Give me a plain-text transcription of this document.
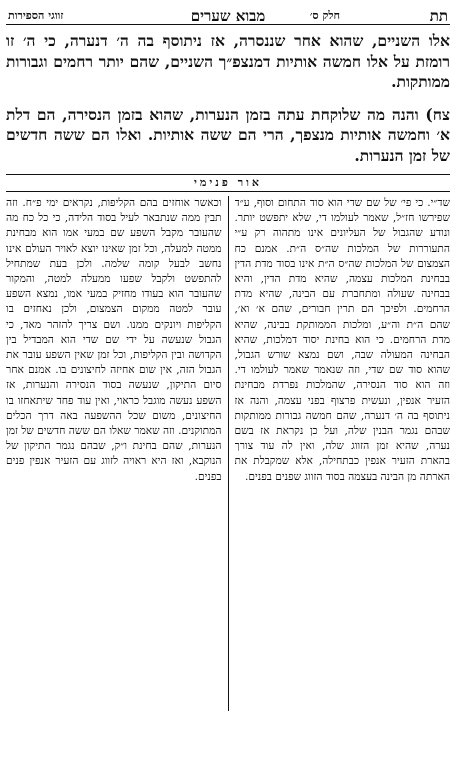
תת
חלק ס׳
מבוא שערים
זווגי הספירות

אלו השניים, שהוא אחר שננסרה, אז ניתוסף בה ה׳ דנערה, כי ה׳ זו רומזת על אלו חמשה אותיות דמנצפ״ך השניים, שהם יותר רחמים וגבורות ממותקות.

צח) והנה מה שלוקחת עתה בזמן הנערות, שהוא בזמן הנסירה, הם דלת א׳ וחמשה אותיות מנצפך, הרי הם ששה אותיות. ואלו הם ששה חדשים של זמן הנערות.

אור פנימי

שד״י. כי פי׳ של שם שדי הוא סוד התחום וסוף, ע״ד שפירשו חז״ל, שאמר לעולמו די, שלא יתפשט יותר. ונודע שהגבול של העליונים אינו מתהוה רק ע״י התעוררות של המלכות שה״ס ה״ת. אמנם כח הצמצום של המלכות שה״ס ה״ת אינו בסוד מדת הדין בבחינת המלכות עצמה, שהיא מדת הדין, והיא בבחינה שעולה ומתחברת עם הבינה, שהיא מדת הרחמים. ולפיכך הם תרין חבורים, שהם א׳ וא׳, שהם ה״ת וה״ע, ומלכות הממותקת בבינה, שהיא מדת הרחמים. כי הוא בחינת יסוד דמלכות, שהיא הבחינה המעולה שבה, ושם נמצא שורש הגבול, שהוא סוד שם שדי, וזה שנאמר שאמר לעולמו די. וזה הוא סוד הנסירה, שהמלכות נפרדת מבחינת הזעיר אנפין, ונעשית פרצוף בפני עצמה, והנה אז ניתוסף בה ה׳ דנערה, שהם חמשה גבורות ממותקות שבהם נגמר הבנין שלה, ועל כן נקראת אז בשם נערה, שהיא זמן הזווג שלה, ואין לה עוד צורך בהארת הזעיר אנפין כבתחילה, אלא שמקבלת את הארתה מן הבינה בעצמה בסוד הזווג שפנים בפנים.

וכאשר אוחזים בהם הקליפות, נקראים ימי פ״ח. וזה תבין ממה שנתבאר לעיל בסוד הלידה, כי כל כח מה שהעובר מקבל השפע שם במעי אמו הוא מבחינת ממטה למעלה, וכל זמן שאינו יוצא לאויר העולם אינו נחשב לבעל קומה שלמה. ולכן בעת שמתחיל להתפשט ולקבל שפעו ממעלה למטה, והמקור שהעובר הוא בעודו מחזיק במעי אמו, נמצא השפע עובר למטה ממקום הצמצום, ולכן נאחזים בו הקליפות ויונקים ממנו. ושם צריך להזהר מאד, כי הגבול שנעשה על ידי שם שדי הוא המבדיל בין הקדושה ובין הקליפות, וכל זמן שאין השפע עובר את הגבול הזה, אין שום אחיזה לחיצונים בו. אמנם אחר סיום התיקון, שנעשה בסוד הנסירה והנערות, אז השפע נעשה מוגבל כראוי, ואין עוד פחד שיתאחזו בו החיצונים, משום שכל ההשפעה באה דרך הכלים המתוקנים. וזה שאמר שאלו הם ששה חדשים של זמן הנערות, שהם בחינת ו״ק, שבהם נגמר התיקון של הנוקבא, ואז היא ראויה לזווג עם הזעיר אנפין פנים בפנים.
